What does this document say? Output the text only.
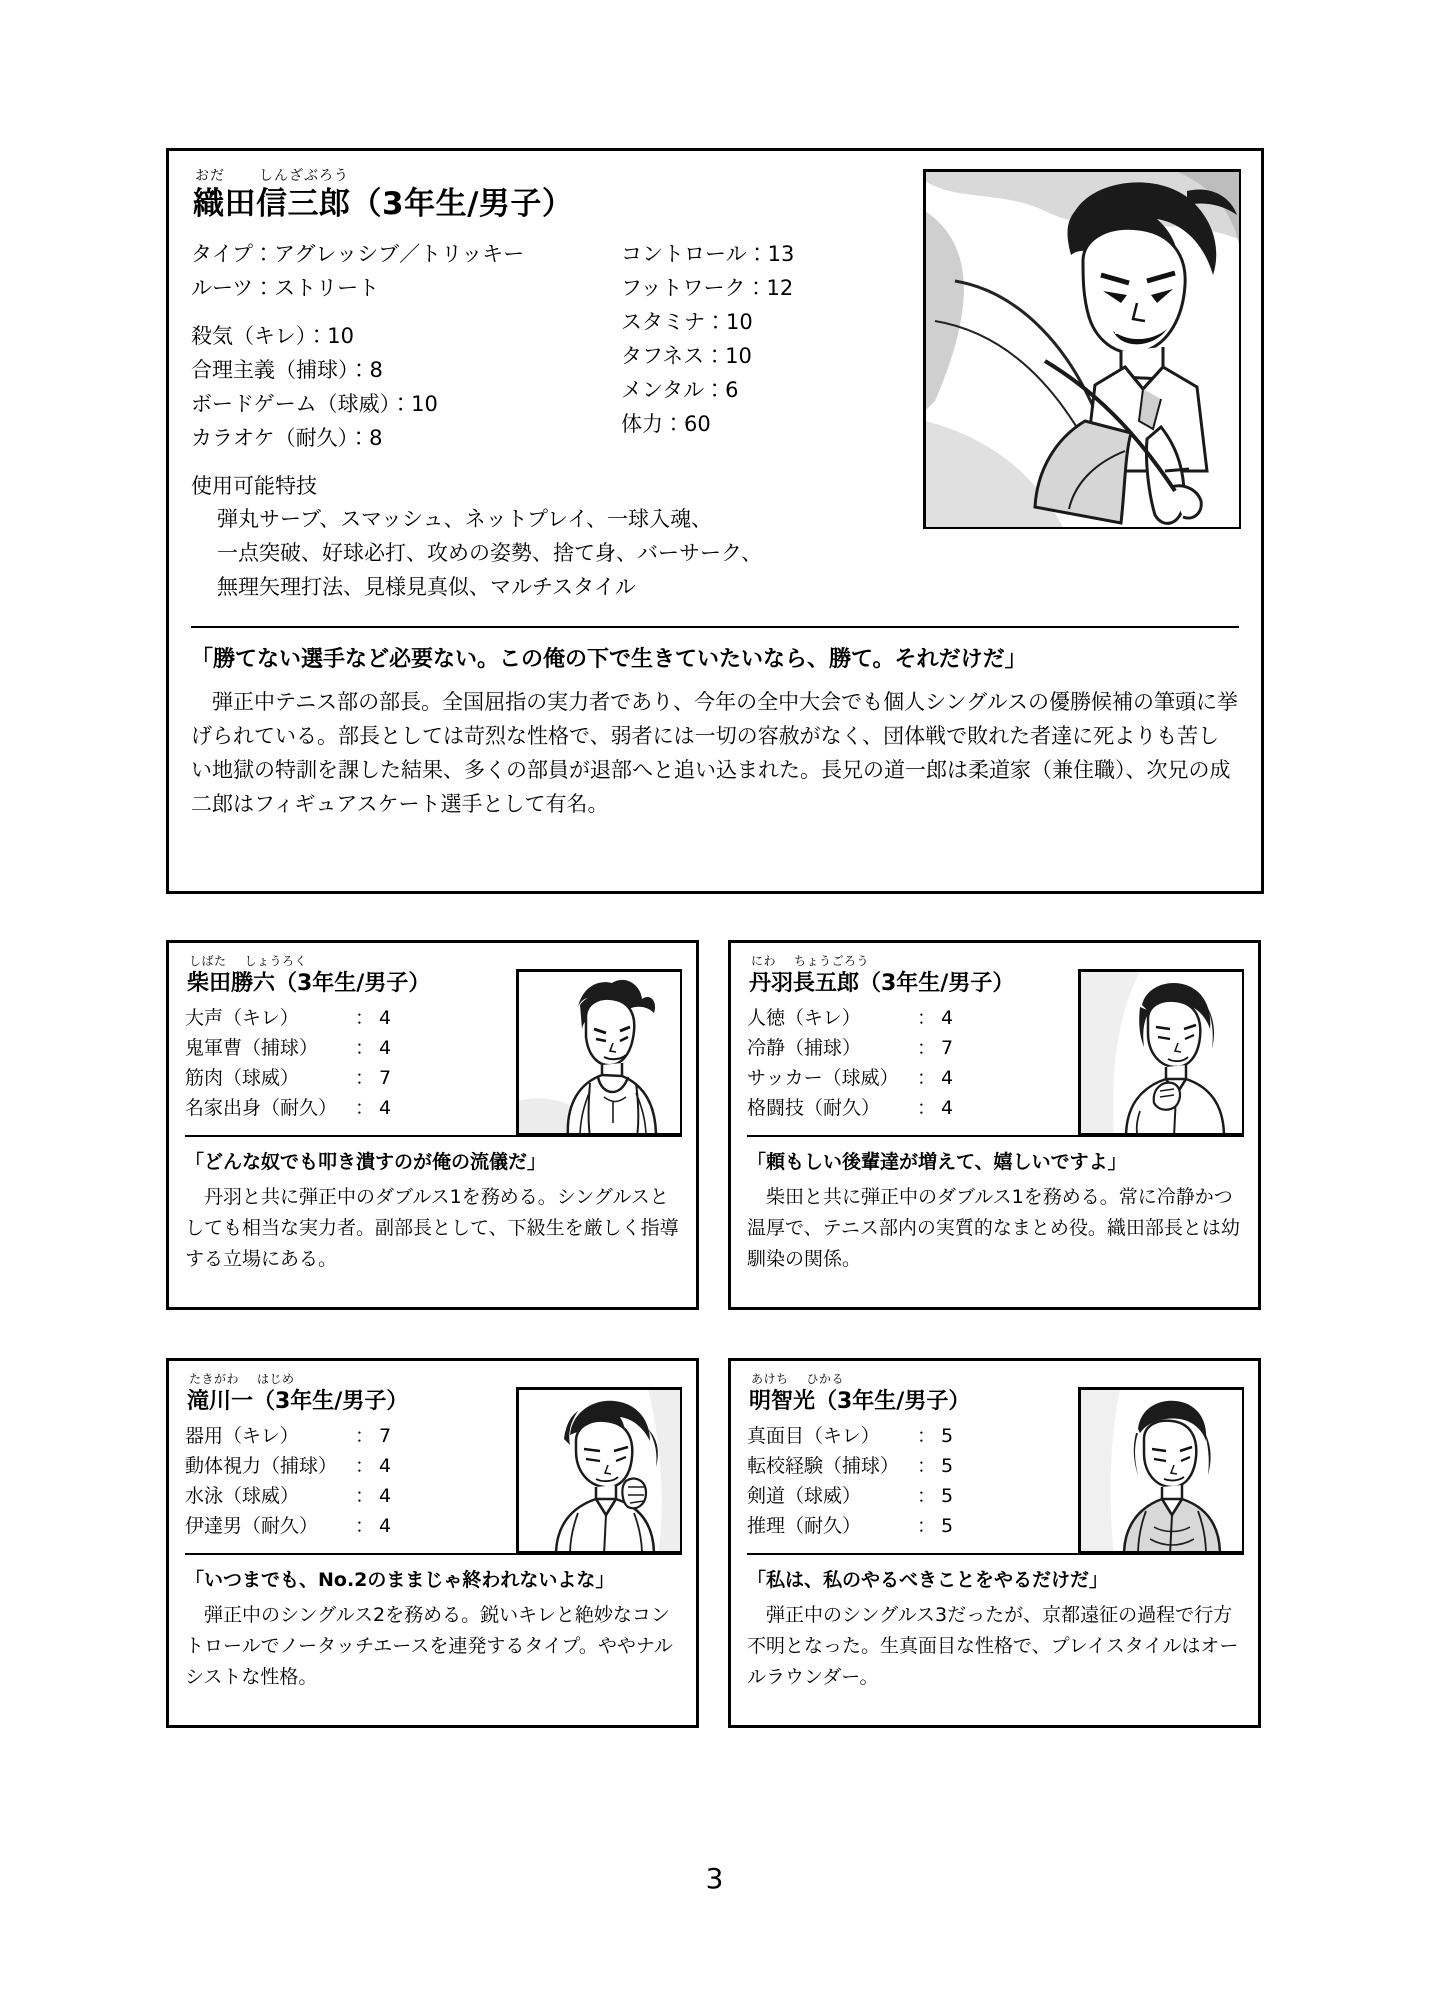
おだ しんざぶろう
織田信三郎（3年生/男子）
タイプ：アグレッシブ／トリッキー
ルーツ：ストリート
殺気（キレ）：10
合理主義（捕球）：8
ボードゲーム（球威）：10
カラオケ（耐久）：8
コントロール：13
フットワーク：12
スタミナ：10
タフネス：10
メンタル：6
体力：60
使用可能特技
弾丸サーブ、スマッシュ、ネットプレイ、一球入魂、
一点突破、好球必打、攻めの姿勢、捨て身、バーサーク、
無理矢理打法、見様見真似、マルチスタイル
「勝てない選手など必要ない。この俺の下で生きていたいなら、勝て。それだけだ」
弾正中テニス部の部長。全国屈指の実力者であり、今年の全中大会でも個人シングルスの優勝候補の筆頭に挙げられている。部長としては苛烈な性格で、弱者には一切の容赦がなく、団体戦で敗れた者達に死よりも苦しい地獄の特訓を課した結果、多くの部員が退部へと追い込まれた。長兄の道一郎は柔道家（兼住職）、次兄の成二郎はフィギュアスケート選手として有名。
しばた しょうろく
柴田勝六（3年生/男子）
大声（キレ）	： 4
鬼軍曹（捕球）	： 4
筋肉（球威）	： 7
名家出身（耐久） ： 4
「どんな奴でも叩き潰すのが俺の流儀だ」
丹羽と共に弾正中のダブルス1を務める。シングルスとしても相当な実力者。副部長として、下級生を厳しく指導する立場にある。
にわ ちょうごろう
丹羽長五郎（3年生/男子）
人徳（キレ）	： 4
冷静（捕球）	： 7
サッカー（球威） ： 4
格闘技（耐久）	： 4
「頼もしい後輩達が増えて、嬉しいですよ」
柴田と共に弾正中のダブルス1を務める。常に冷静かつ温厚で、テニス部内の実質的なまとめ役。織田部長とは幼馴染の関係。
たきがわ はじめ
滝川一（3年生/男子）
器用（キレ）	： 7
動体視力（捕球） ： 4
水泳（球威）	： 4
伊達男（耐久）	： 4
「いつまでも、No.2のままじゃ終われないよな」
弾正中のシングルス2を務める。鋭いキレと絶妙なコントロールでノータッチエースを連発するタイプ。ややナルシストな性格。
あけち ひかる
明智光（3年生/男子）
真面目（キレ）	： 5
転校経験（捕球） ： 5
剣道（球威）	： 5
推理（耐久）	： 5
「私は、私のやるべきことをやるだけだ」
弾正中のシングルス3だったが、京都遠征の過程で行方不明となった。生真面目な性格で、プレイスタイルはオールラウンダー。
3
